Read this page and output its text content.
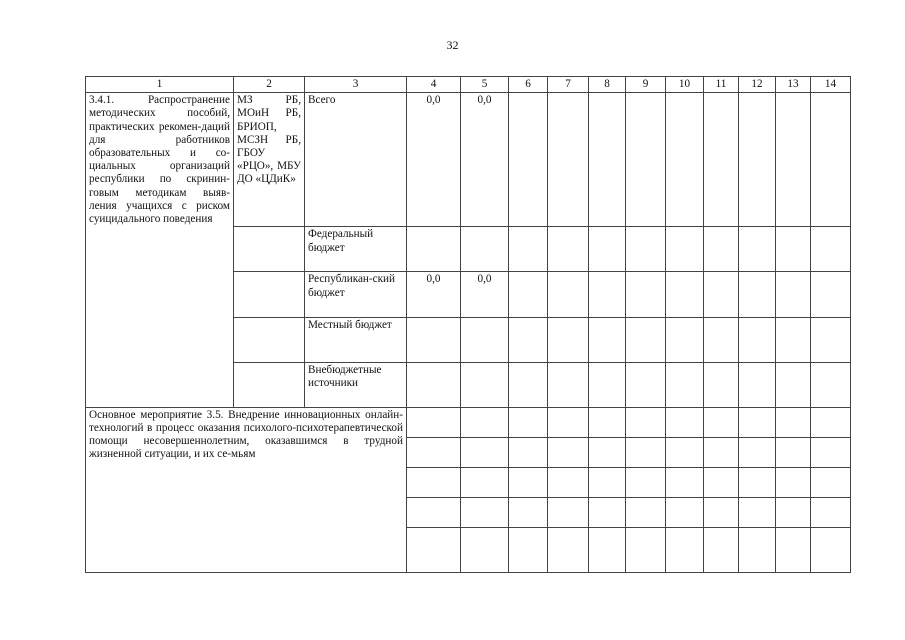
32
1	2	3	4	5	6	7	8	9	10	11	12	13	14
3.4.1. Распространение методических пособий, практических рекомен-даций для работников образовательных и со-циальных организаций республики по скринин-говым методикам выяв-ления учащихся с риском суицидального поведения	МЗ РБ, МОиН РБ, БРИОП, МСЗН РБ, ГБОУ «РЦО», МБУ ДО «ЦДиК»	Всего	0,0	0,0									
		Федеральный бюджет											
		Республикан-ский бюджет	0,0	0,0									
		Местный бюджет											
		Внебюджетные источники											
Основное мероприятие 3.5. Внедрение инновационных онлайн-технологий в процесс оказания психолого-психотерапевтической помощи несовершеннолетним, оказавшимся в трудной жизненной ситуации, и их се-мьям													
